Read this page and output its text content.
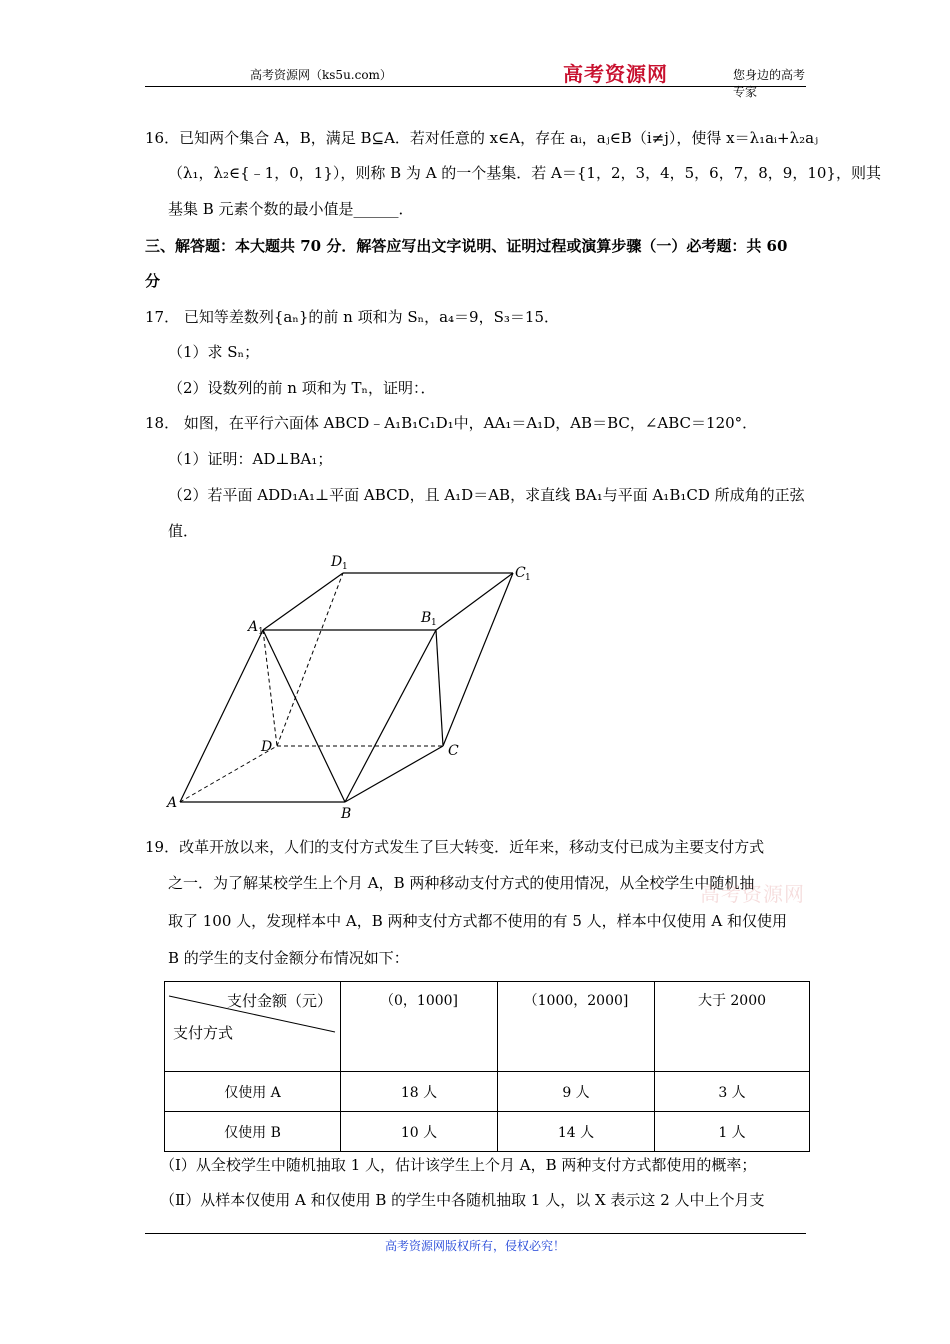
高考资源网（ks5u.com）	高考资源网	您身边的高考专家
16．已知两个集合 A，B，满足 B⊆A．若对任意的 x∈A，存在 aᵢ，aⱼ∈B（i≠j），使得 x＝λ₁aᵢ+λ₂aⱼ
（λ₁，λ₂∈{﹣1，0，1}），则称 B 为 A 的一个基集．若 A＝{1，2，3，4，5，6，7，8，9，10}，则其
基集 B 元素个数的最小值是______．
三、解答题：本大题共 70 分．解答应写出文字说明、证明过程或演算步骤（一）必考题：共 60
分
17． 已知等差数列{aₙ}的前 n 项和为 Sₙ，a₄＝9，S₃＝15．
（1）求 Sₙ；
（2）设数列的前 n 项和为 Tₙ，证明：．
18． 如图，在平行六面体 ABCD﹣A₁B₁C₁D₁中，AA₁＝A₁D，AB＝BC，∠ABC＝120°．
（1）证明：AD⊥BA₁；
（2）若平面 ADD₁A₁⊥平面 ABCD，且 A₁D＝AB，求直线 BA₁与平面 A₁B₁CD 所成角的正弦
值．
A
B
C
D
A 1
B 1
C 1
D 1
19．改革开放以来，人们的支付方式发生了巨大转变．近年来，移动支付已成为主要支付方式
之一．为了解某校学生上个月 A，B 两种移动支付方式的使用情况，从全校学生中随机抽
高考资源网
取了 100 人，发现样本中 A，B 两种支付方式都不使用的有 5 人，样本中仅使用 A 和仅使用
B 的学生的支付金额分布情况如下：
支付金额（元）
支付方式	（0，1000]	（1000，2000]	大于 2000
仅使用 A	18 人	9 人	3 人
仅使用 B	10 人	14 人	1 人
（Ⅰ）从全校学生中随机抽取 1 人，估计该学生上个月 A，B 两种支付方式都使用的概率；
（Ⅱ）从样本仅使用 A 和仅使用 B 的学生中各随机抽取 1 人，以 X 表示这 2 人中上个月支
高考资源网版权所有，侵权必究！
